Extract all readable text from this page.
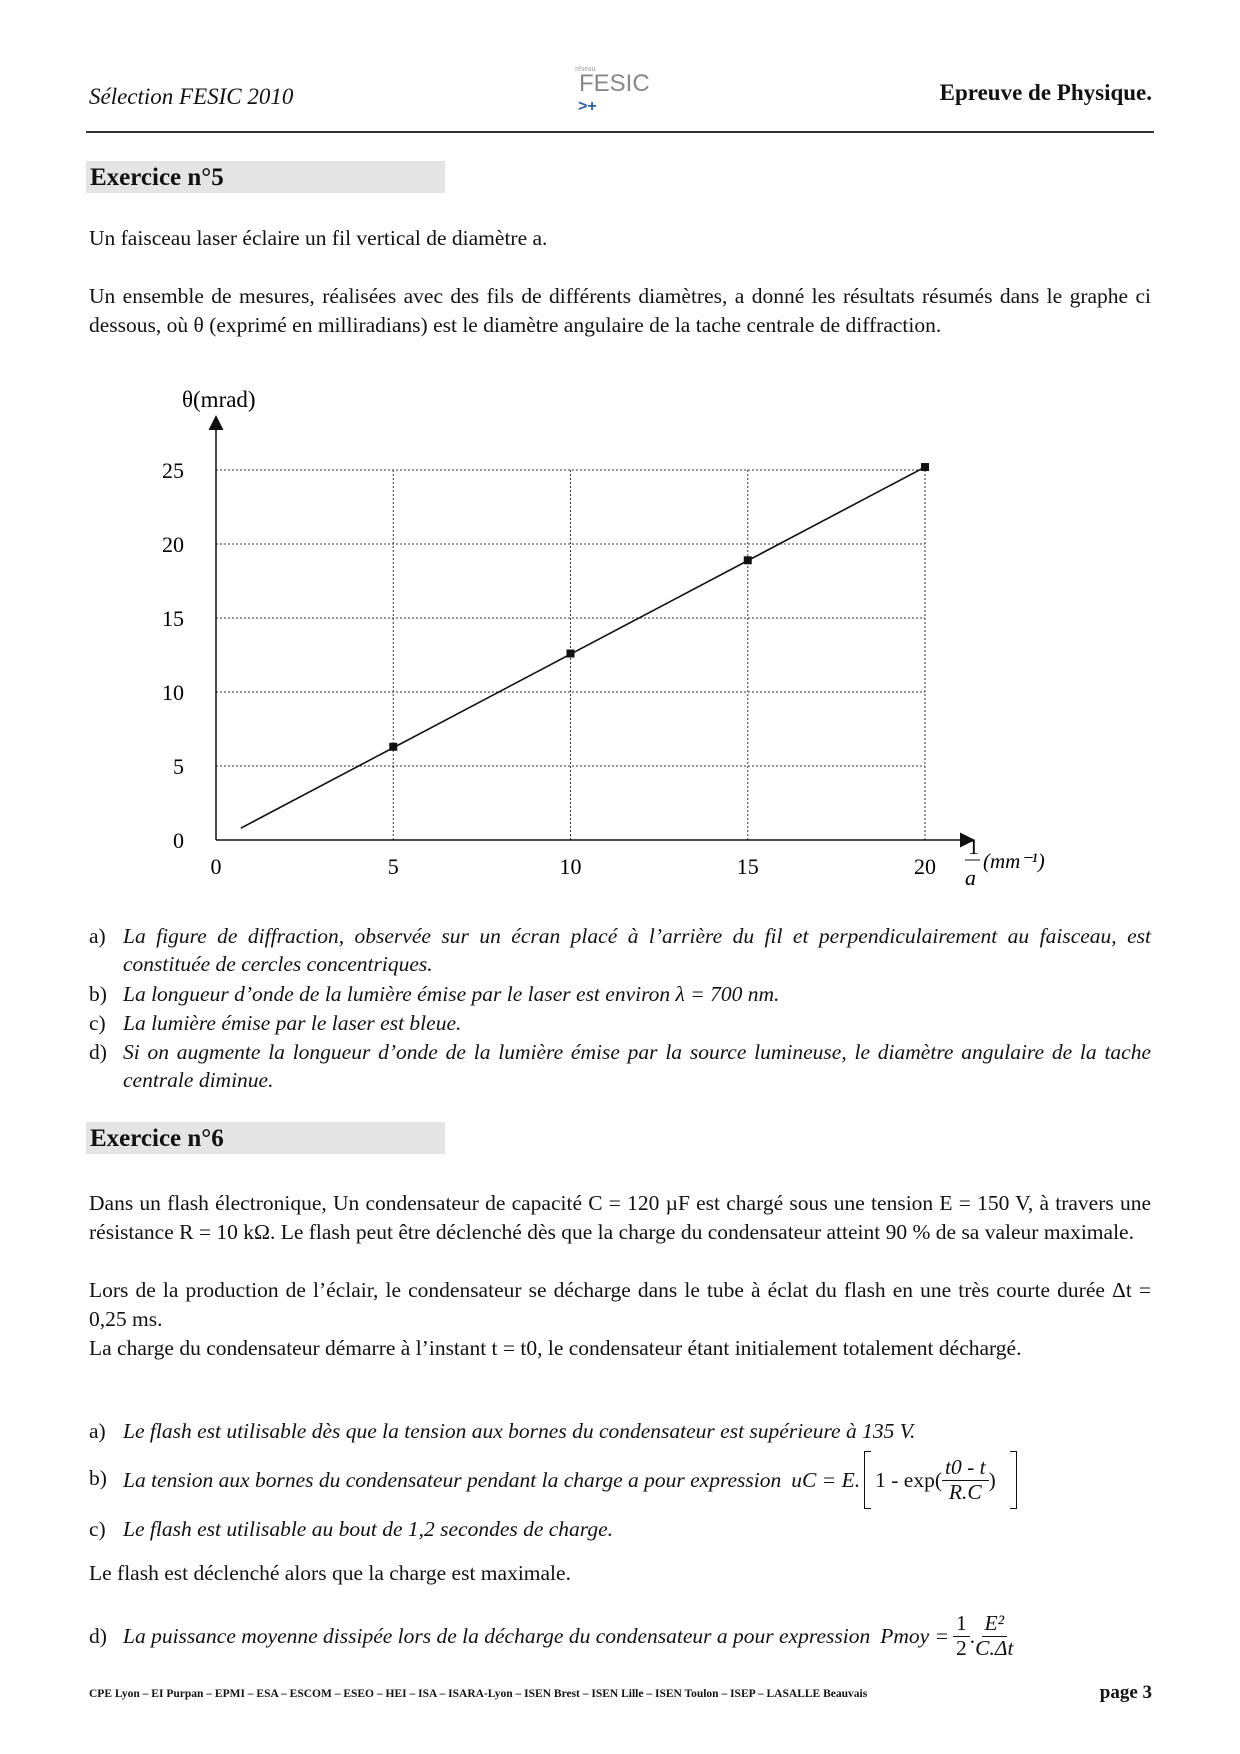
Sélection FESIC 2010
réseau
FESIC
>+
Epreuve de Physique.
Exercice n°5
Un faisceau laser éclaire un fil vertical de diamètre a.
Un ensemble de mesures, réalisées avec des fils de différents diamètres, a donné les résultats résumés dans le graphe ci dessous, où θ (exprimé en milliradians) est le diamètre angulaire de la tache centrale de diffraction.
θ(mrad)
1
a
(mm⁻¹)
0	5	10	15	20
0
5
10
15
20
25
a) La figure de diffraction, observée sur un écran placé à l’arrière du fil et perpendiculairement au faisceau, est constituée de cercles concentriques.
b) La longueur d’onde de la lumière émise par le laser est environ λ = 700 nm.
c) La lumière émise par le laser est bleue.
d) Si on augmente la longueur d’onde de la lumière émise par la source lumineuse, le diamètre angulaire de la tache centrale diminue.
Exercice n°6
Dans un flash électronique, Un condensateur de capacité C = 120 µF est chargé sous une tension E = 150 V, à travers une résistance R = 10 kΩ. Le flash peut être déclenché dès que la charge du condensateur atteint 90 % de sa valeur maximale.
Lors de la production de l’éclair, le condensateur se décharge dans le tube à éclat du flash en une très courte durée Δt = 0,25 ms.
La charge du condensateur démarre à l’instant t = t0, le condensateur étant initialement totalement déchargé.
a) Le flash est utilisable dès que la tension aux bornes du condensateur est supérieure à 135 V.
b) La tension aux bornes du condensateur pendant la charge a pour expression uC = E. $1 - \exp( \frac{t0 - t}{R.C}$ )
c) Le flash est utilisable au bout de 1,2 secondes de charge.
Le flash est déclenché alors que la charge est maximale.
d) La puissance moyenne dissipée lors de la décharge du condensateur a pour expression Pmoy = $\frac{1}{2}$ . $\frac{\text{E²}}{C.\Delta t}$
CPE Lyon – EI Purpan – EPMI – ESA – ESCOM – ESEO – HEI – ISA – ISARA-Lyon – ISEN Brest – ISEN Lille – ISEN Toulon – ISEP – LASALLE Beauvais	page 3
